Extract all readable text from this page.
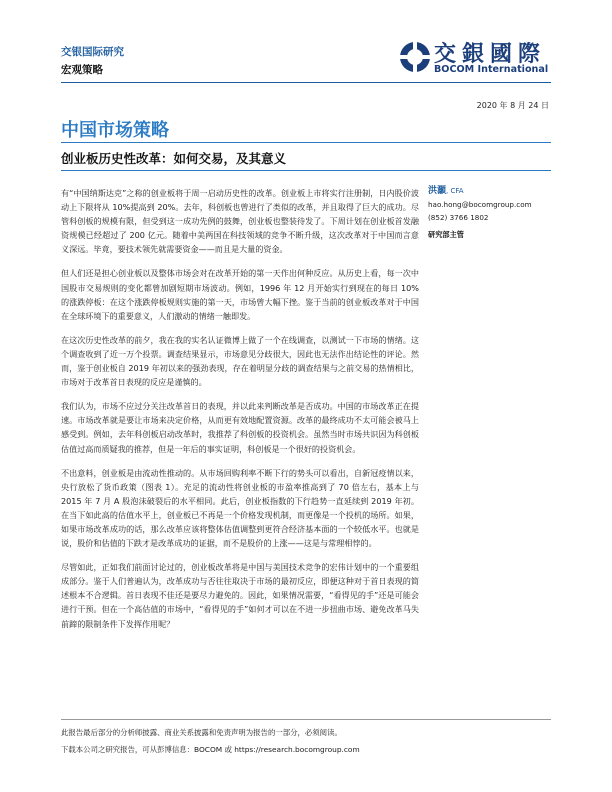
交银国际研究
宏观策略
交銀國際
BOCOM International
2020 年 8 月 24 日
中国市场策略
创业板历史性改革：如何交易，及其意义

有“中国纳斯达克”之称的创业板将于周一启动历史性的改革。创业板上市将实行注册制，日内股价波动上下限将从 10%提高到 20%。去年，科创板也曾进行了类似的改革，并且取得了巨大的成功。尽管科创板的规模有限，但受到这一成功先例的鼓舞，创业板也整装待发了。下周计划在创业板首发融资规模已经超过了 200 亿元。随着中美两国在科技领域的竞争不断升级，这次改革对于中国而言意义深远。毕竟，要技术领先就需要资金——而且是大量的资金。

但人们还是担心创业板以及整体市场会对在改革开始的第一天作出何种反应。从历史上看，每一次中国股市交易规则的变化都曾加剧短期市场波动。例如，1996 年 12 月开始实行到现在的每日 10%的涨跌停板：在这个涨跌停板规则实施的第一天，市场曾大幅下挫。鉴于当前的创业板改革对于中国在全球环境下的重要意义，人们激动的情绪一触即发。

在这次历史性改革的前夕，我在我的实名认证微博上做了一个在线调查，以测试一下市场的情绪。这个调查收到了近一万个投票。调查结果显示，市场意见分歧很大，因此也无法作出结论性的评论。然而，鉴于创业板自 2019 年初以来的强劲表现，存在着明显分歧的调查结果与之前交易的热情相比，市场对于改革首日表现的反应是谨慎的。

我们认为，市场不应过分关注改革首日的表现，并以此来判断改革是否成功。中国的市场改革正在提速。市场改革就是要让市场来决定价格，从而更有效地配置资源。改革的最终成功不太可能会被马上感受到。例如，去年科创板启动改革时，我推荐了科创板的投资机会。虽然当时市场共识因为科创板估值过高而质疑我的推荐，但是一年后的事实证明，科创板是一个很好的投资机会。

不出意料，创业板是由流动性推动的。从市场回购利率不断下行的势头可以看出，自新冠疫情以来，央行放松了货币政策（图表 1）。充足的流动性将创业板的市盈率推高到了 70 倍左右，基本上与 2015 年 7 月 A 股泡沫破裂后的水平相同。此后，创业板指数的下行趋势一直延续到 2019 年初。在当下如此高的估值水平上，创业板已不再是一个价格发现机制，而更像是一个投机的场所。如果，如果市场改革成功的话，那么改革应该将整体估值调整到更符合经济基本面的一个较低水平。也就是说，股价和估值的下跌才是改革成功的证据，而不是股价的上涨——这是与常理相悖的。

尽管如此，正如我们前面讨论过的，创业板改革将是中国与美国技术竞争的宏伟计划中的一个重要组成部分。鉴于人们普遍认为，改革成功与否往往取决于市场的最初反应，即便这种对于首日表现的简述根本不合逻辑。首日表现不佳还是要尽力避免的。因此，如果情况需要，“看得见的手”还是可能会进行干预。但在一个高估值的市场中，“看得见的手”如何才可以在不进一步扭曲市场、避免改革马失前蹄的限制条件下发挥作用呢？

洪灝, CFA
hao.hong@bocomgroup.com
(852) 3766 1802
研究部主管
此报告最后部分的分析师披露、商业关系披露和免责声明为报告的一部分，必须阅读。
下载本公司之研究报告，可从彭博信息：BOCOM 或 https://research.bocomgroup.com
